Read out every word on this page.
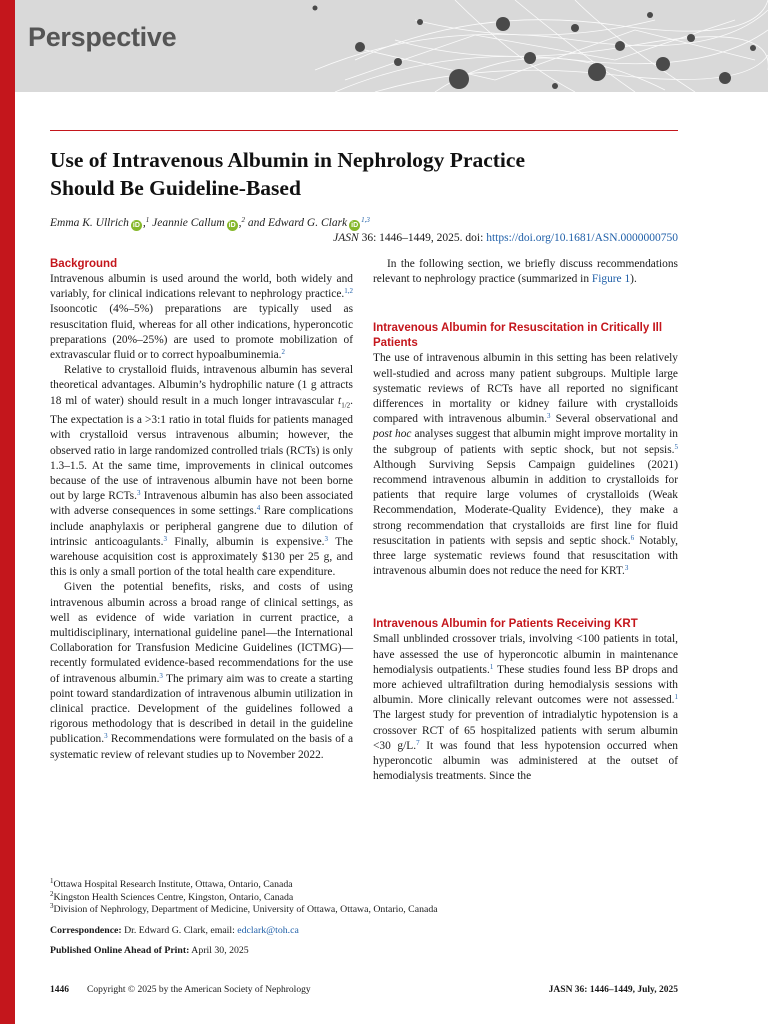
Perspective
Use of Intravenous Albumin in Nephrology Practice
Should Be Guideline-Based
Emma K. Ullrich iD ,$^1$ Jeannie Callum iD ,$^2$ and Edward G. Clark iD$^{1,3}$
JASN 36: 1446–1449, 2025. doi: https://doi.org/10.1681/ASN.0000000750
Background

Intravenous albumin is used around the world, both widely and variably, for clinical indications relevant to nephrology practice.$^{1,2}$ Isooncotic (4%–5%) preparations are typically used as resuscitation fluid, whereas for all other indications, hyperoncotic preparations (20%–25%) are used to promote mobilization of extravascular fluid or to correct hypoalbuminemia.$^2$

Relative to crystalloid fluids, intravenous albumin has several theoretical advantages. Albumin’s hydrophilic nature (1 g attracts 18 ml of water) should result in a much longer intravascular $t_{1/2}$. The expectation is a >3:1 ratio in total fluids for patients managed with crystalloid versus intravenous albumin; however, the observed ratio in large randomized controlled trials (RCTs) is only 1.3–1.5. At the same time, improvements in clinical outcomes because of the use of intravenous albumin have not been borne out by large RCTs.$^3$ Intravenous albumin has also been associated with adverse consequences in some settings.$^4$ Rare complications include anaphylaxis or peripheral gangrene due to dilution of intrinsic anticoagulants.$^3$ Finally, albumin is expensive.$^3$ The warehouse acquisition cost is approximately $130 per 25 g, and this is only a small portion of the total health care expenditure.

Given the potential benefits, risks, and costs of using intravenous albumin across a broad range of clinical settings, as well as evidence of wide variation in current practice, a multidisciplinary, international guideline panel—the International Collaboration for Transfusion Medicine Guidelines (ICTMG)—recently formulated evidence-based recommendations for the use of intravenous albumin.$^3$ The primary aim was to create a starting point toward standardization of intravenous albumin utilization in clinical practice. Development of the guidelines followed a rigorous methodology that is described in detail in the guideline publication.$^3$ Recommendations were formulated on the basis of a systematic review of relevant studies up to November 2022.

In the following section, we briefly discuss recommendations relevant to nephrology practice (summarized in Figure 1).

Intravenous Albumin for Resuscitation in Critically Ill Patients

The use of intravenous albumin in this setting has been relatively well-studied and across many patient subgroups. Multiple large systematic reviews of RCTs have all reported no significant differences in mortality or kidney failure with crystalloids compared with intravenous albumin.$^3$ Several observational and post hoc analyses suggest that albumin might improve mortality in the subgroup of patients with septic shock, but not sepsis.$^5$ Although Surviving Sepsis Campaign guidelines (2021) recommend intravenous albumin in addition to crystalloids for patients that require large volumes of crystalloids (Weak Recommendation, Moderate-Quality Evidence), they make a strong recommendation that crystalloids are first line for fluid resuscitation in patients with sepsis and septic shock.$^6$ Notably, three large systematic reviews found that resuscitation with intravenous albumin does not reduce the need for KRT.$^3$

Intravenous Albumin for Patients Receiving KRT

Small unblinded crossover trials, involving <100 patients in total, have assessed the use of hyperoncotic albumin in maintenance hemodialysis outpatients.$^1$ These studies found less BP drops and more achieved ultrafiltration during hemodialysis sessions with albumin. More clinically relevant outcomes were not assessed.$^1$ The largest study for prevention of intradialytic hypotension is a crossover RCT of 65 hospitalized patients with serum albumin <30 g/L.$^7$ It was found that less hypotension occurred when hyperoncotic albumin was administered at the outset of hemodialysis treatments. Since the

$^1$Ottawa Hospital Research Institute, Ottawa, Ontario, Canada
$^2$Kingston Health Sciences Centre, Kingston, Ontario, Canada
$^3$Division of Nephrology, Department of Medicine, University of Ottawa, Ottawa, Ontario, Canada
Correspondence: Dr. Edward G. Clark, email: edclark@toh.ca
Published Online Ahead of Print: April 30, 2025
1446 Copyright © 2025 by the American Society of Nephrology	JASN 36: 1446–1449, July, 2025
